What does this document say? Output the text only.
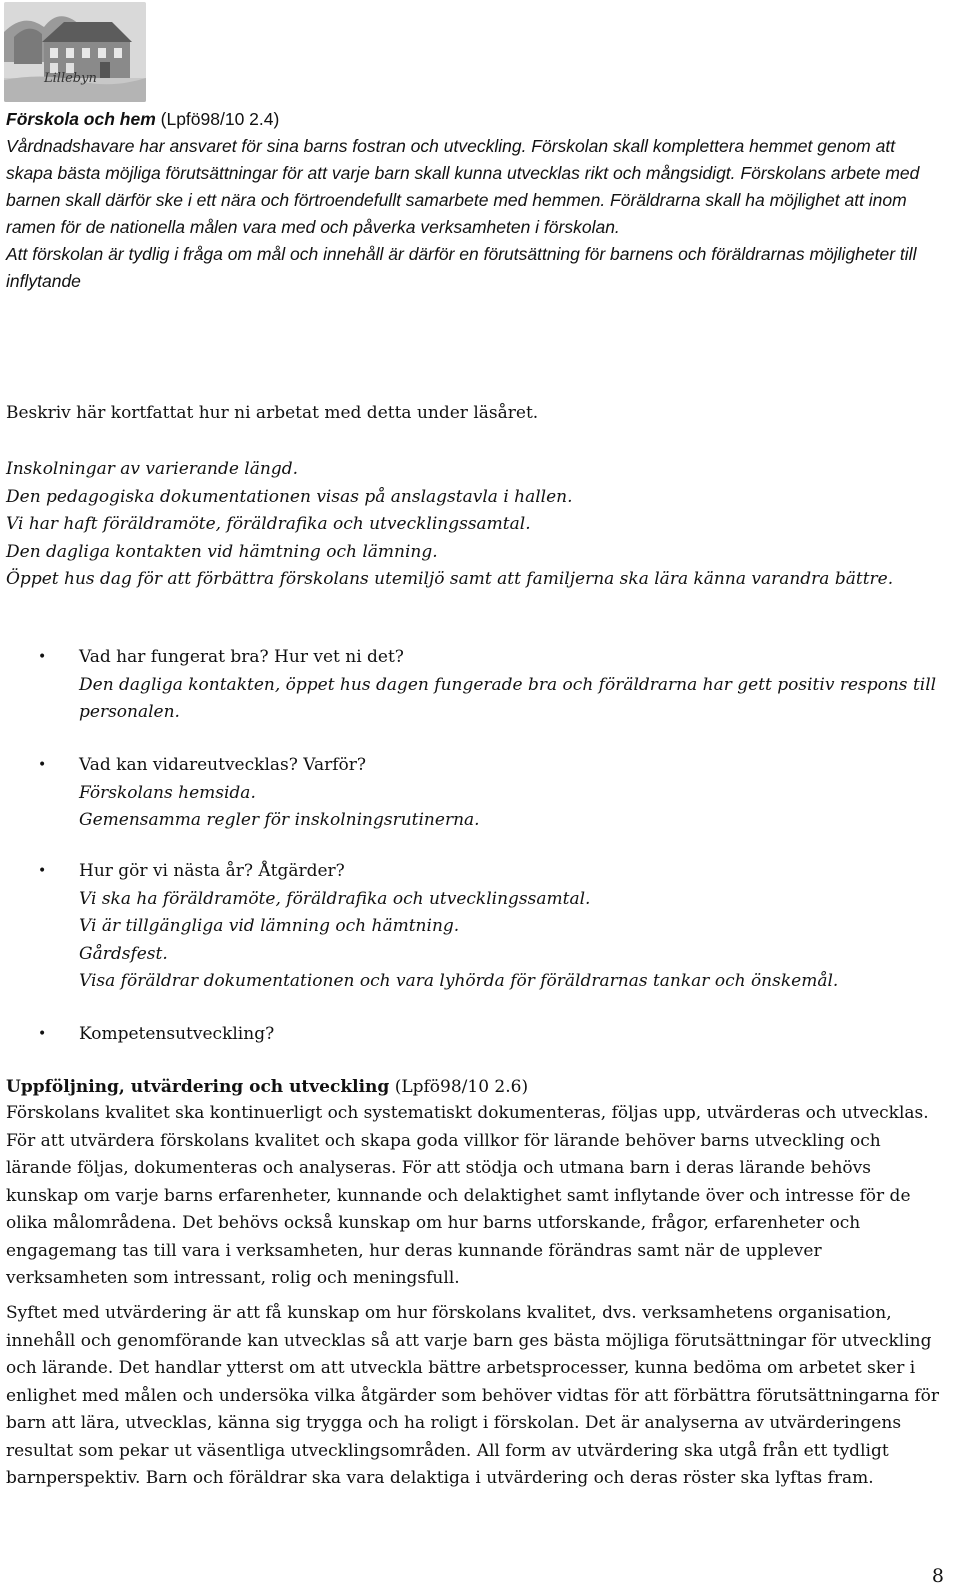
Lillebyn
Förskola och hem (Lpfö98/10 2.4)
Vårdnadshavare har ansvaret för sina barns fostran och utveckling. Förskolan skall komplettera hemmet genom att skapa bästa möjliga förutsättningar för att varje barn skall kunna utvecklas rikt och mångsidigt. Förskolans arbete med barnen skall därför ske i ett nära och förtroendefullt samarbete med hemmen. Föräldrarna skall ha möjlighet att inom ramen för de nationella målen vara med och påverka verksamheten i förskolan.
Att förskolan är tydlig i fråga om mål och innehåll är därför en förutsättning för barnens och föräldrarnas möjligheter till inflytande

Beskriv här kortfattat hur ni arbetat med detta under läsåret.

Inskolningar av varierande längd.

Den pedagogiska dokumentationen visas på anslagstavla i hallen.

Vi har haft föräldramöte, föräldrafika och utvecklingssamtal.

Den dagliga kontakten vid hämtning och lämning.

Öppet hus dag för att förbättra förskolans utemiljö samt att familjerna ska lära känna varandra bättre.

• Vad har fungerat bra? Hur vet ni det?

Den dagliga kontakten, öppet hus dagen fungerade bra och föräldrarna har gett positiv respons till personalen.

• Vad kan vidareutvecklas? Varför?

Förskolans hemsida.

Gemensamma regler för inskolningsrutinerna.

• Hur gör vi nästa år? Åtgärder?

Vi ska ha föräldramöte, föräldrafika och utvecklingssamtal.

Vi är tillgängliga vid lämning och hämtning.

Gårdsfest.

Visa föräldrar dokumentationen och vara lyhörda för föräldrarnas tankar och önskemål.

• Kompetensutveckling?

Uppföljning, utvärdering och utveckling (Lpfö98/10 2.6)

Förskolans kvalitet ska kontinuerligt och systematiskt dokumenteras, följas upp, utvärderas och utvecklas. För att utvärdera förskolans kvalitet och skapa goda villkor för lärande behöver barns utveckling och lärande följas, dokumenteras och analyseras. För att stödja och utmana barn i deras lärande behövs kunskap om varje barns erfarenheter, kunnande och delaktighet samt inflytande över och intresse för de olika målområdena. Det behövs också kunskap om hur barns utforskande, frågor, erfarenheter och engagemang tas till vara i verksamheten, hur deras kunnande förändras samt när de upplever verksamheten som intressant, rolig och meningsfull.

Syftet med utvärdering är att få kunskap om hur förskolans kvalitet, dvs. verksamhetens organisation, innehåll och genomförande kan utvecklas så att varje barn ges bästa möjliga förutsättningar för utveckling och lärande. Det handlar ytterst om att utveckla bättre arbetsprocesser, kunna bedöma om arbetet sker i enlighet med målen och undersöka vilka åtgärder som behöver vidtas för att förbättra förutsättningarna för barn att lära, utvecklas, känna sig trygga och ha roligt i förskolan. Det är analyserna av utvärderingens resultat som pekar ut väsentliga utvecklingsområden. All form av utvärdering ska utgå från ett tydligt barnperspektiv. Barn och föräldrar ska vara delaktiga i utvärdering och deras röster ska lyftas fram.

8
